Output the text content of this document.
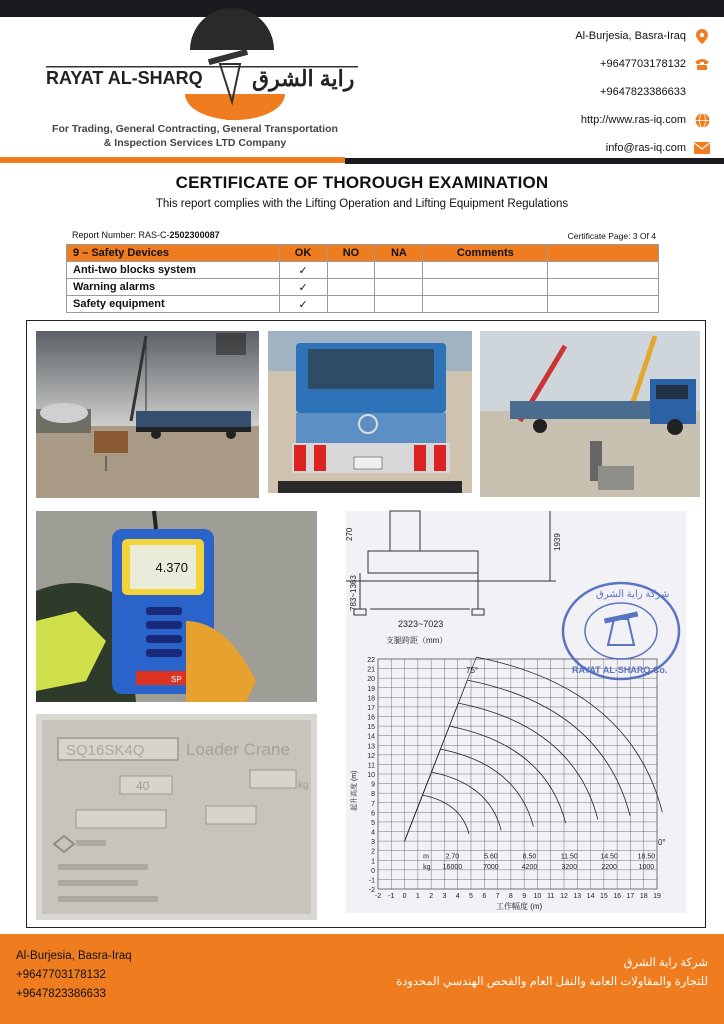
RAYAT AL-SHARQ راية الشرق
For Trading, General Contracting, General Transportation
& Inspection Services LTD Company
Al-Burjesia, Basra-Iraq
+9647703178132
+9647823386633
http://www.ras-iq.com
info@ras-iq.com
CERTIFICATE OF THOROUGH EXAMINATION
This report complies with the Lifting Operation and Lifting Equipment Regulations
Report Number: RAS-C-2502300087	Certificate Page: 3 Of 4
9 – Safety Devices	OK	NO	NA	Comments	
Anti-two blocks system	✓				
Warning alarms	✓				
Safety equipment	✓				
4.370
SP
SQ16SK4Q Loader Crane
40	kg
270	1939
783~1363
2323~7023
支腿跨距（mm）
22
21
20
19
18
17
16
15
14
13
12
11
10
9
8
7
6
5
4
3
2
1
0
-1
-2
-2 -1 0 1 2 3 4 5 6 7 8 9 10 11 12 13 14 15 16 17 18 19
m
kg
2.70
16000
5.60
7000
8.50
4200
11.50
3200
14.50
2200
18.50
1000
75°
0°
起升高度 (m)
工作幅度 (m)
شركة راية الشرق
RAYAT AL-SHARQ Co.
Al-Burjesia, Basra-Iraq
+9647703178132
+9647823386633
شركة راية الشرق
للتجارة والمقاولات العامة والنقل العام والفحص الهندسي المحدودة
